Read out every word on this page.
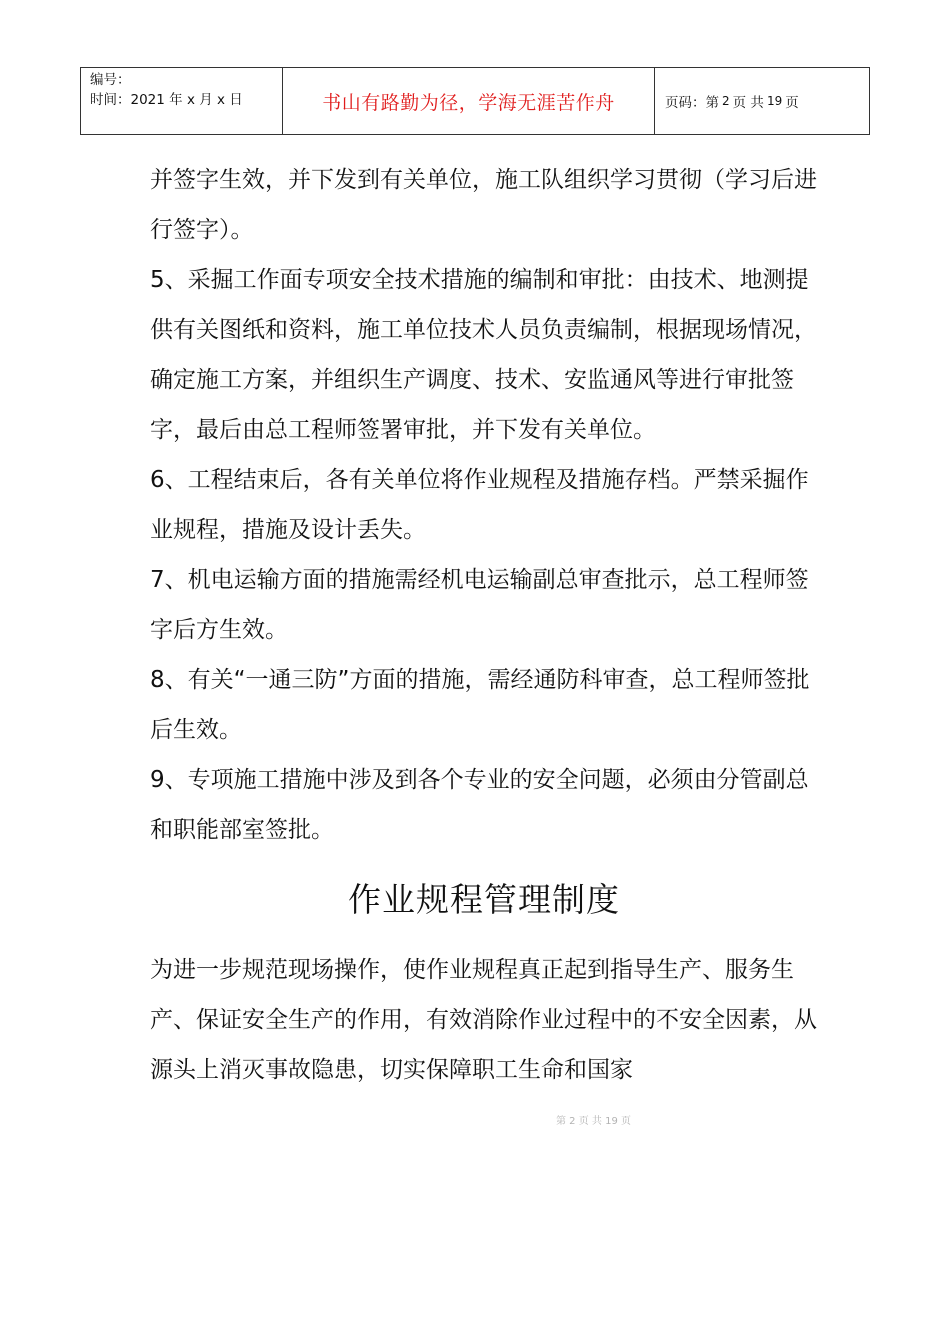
编号：
时间：2021 年 x 月 x 日	书山有路勤为径，学海无涯苦作舟	页码：第 2 页 共 19 页

并签字生效，并下发到有关单位，施工队组织学习贯彻（学习后进行签字）。

5、采掘工作面专项安全技术措施的编制和审批：由技术、地测提供有关图纸和资料，施工单位技术人员负责编制，根据现场情况，确定施工方案，并组织生产调度、技术、安监通风等进行审批签字，最后由总工程师签署审批，并下发有关单位。

6、工程结束后，各有关单位将作业规程及措施存档。严禁采掘作业规程，措施及设计丢失。

7、机电运输方面的措施需经机电运输副总审查批示，总工程师签字后方生效。

8、有关“一通三防”方面的措施，需经通防科审查，总工程师签批后生效。

9、专项施工措施中涉及到各个专业的安全问题，必须由分管副总和职能部室签批。

作业规程管理制度

为进一步规范现场操作，使作业规程真正起到指导生产、服务生产、保证安全生产的作用，有效消除作业过程中的不安全因素，从源头上消灭事故隐患，切实保障职工生命和国家

第 2 页 共 19 页
